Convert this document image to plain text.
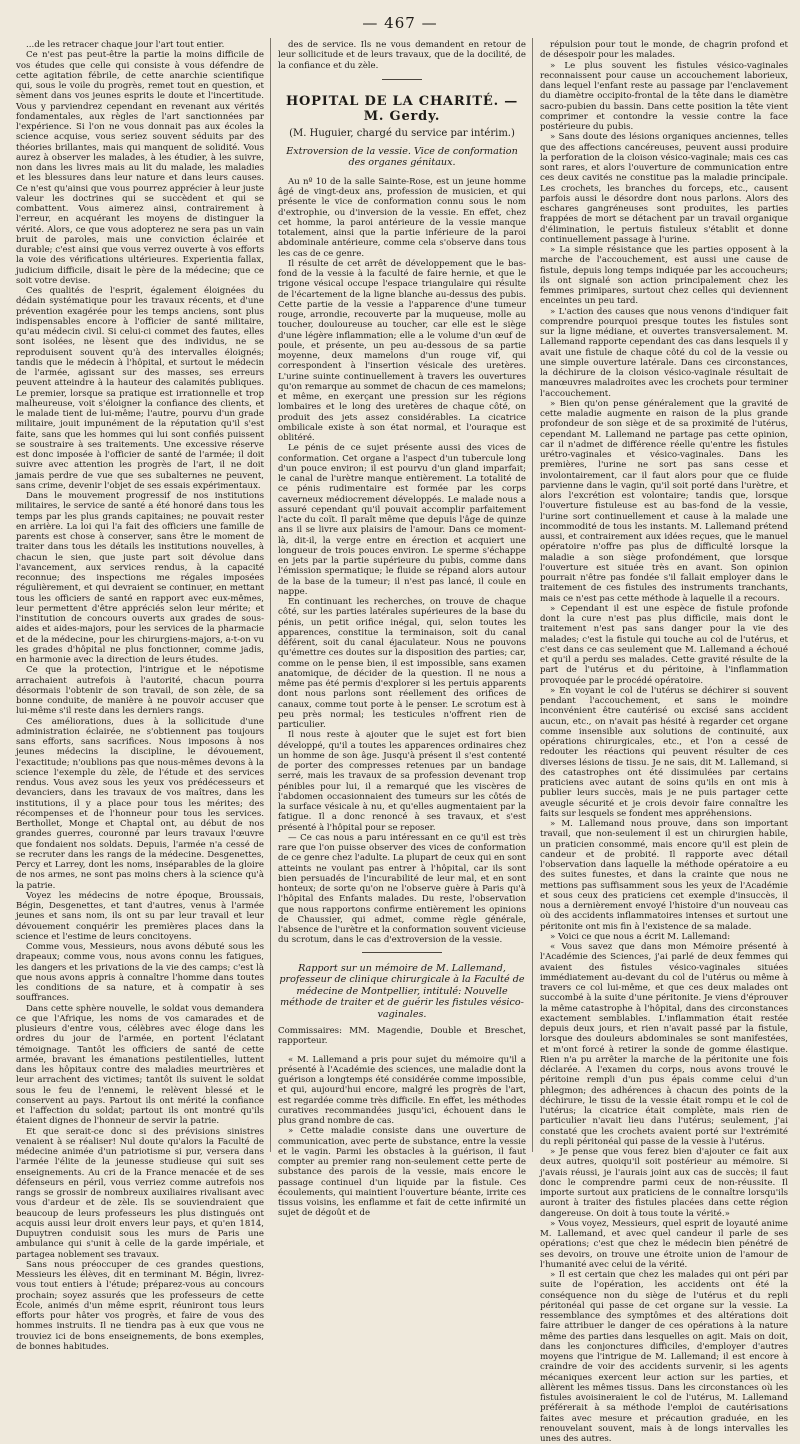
— 467 —

...de les retracer chaque jour l'art tout entier.

Ce n'est pas peut-être la partie la moins difficile de vos études que celle qui consiste à vous défendre de cette agitation fébrile, de cette anarchie scientifique qui, sous le voile du progrès, remet tout en question, et sèment dans vos jeunes esprits le doute et l'incertitude. Vous y parviendrez cependant en revenant aux vérités fondamentales, aux règles de l'art sanctionnées par l'expérience. Si l'on ne vous donnait pas aux écoles la science acquise, vous seriez souvent séduits par des théories brillantes, mais qui manquent de solidité. Vous aurez à observer les malades, à les étudier, à les suivre, non dans les livres mais au lit du malade, les maladies et les blessures dans leur nature et dans leurs causes. Ce n'est qu'ainsi que vous pourrez apprécier à leur juste valeur les doctrines qui se succèdent et qui se combattent. Vous aimerez ainsi, contrairement à l'erreur, en acquérant les moyens de distinguer la vérité. Alors, ce que vous adopterez ne sera pas un vain bruit de paroles, mais une conviction éclairée et durable; c'est ainsi que vous verrez ouverte à vos efforts la voie des vérifications ultérieures. Experientia fallax, judicium difficile, disait le père de la médecine; que ce soit votre devise.

Ces qualités de l'esprit, également éloignées du dédain systématique pour les travaux récents, et d'une prévention exagérée pour les temps anciens, sont plus indispensables encore à l'officier de santé militaire, qu'au médecin civil. Si celui-ci commet des fautes, elles sont isolées, ne lèsent que des individus, ne se reproduisent souvent qu'à des intervalles éloignés; tandis que le médecin à l'hôpital, et surtout le médecin de l'armée, agissant sur des masses, ses erreurs peuvent atteindre à la hauteur des calamités publiques. Le premier, lorsque sa pratique est irrationnelle et trop malheureuse, voit s'éloigner la confiance des clients, et le malade tient de lui-même; l'autre, pourvu d'un grade militaire, jouit impunément de la réputation qu'il s'est faite, sans que les hommes qui lui sont confiés puissent se soustraire à ses traitements. Une excessive réserve est donc imposée à l'officier de santé de l'armée; il doit suivre avec attention les progrès de l'art, il ne doit jamais perdre de vue que ses subalternes ne peuvent, sans crime, devenir l'objet de ses essais expérimentaux.

Dans le mouvement progressif de nos institutions militaires, le service de santé a été honoré dans tous les temps par les plus grands capitaines; ne pouvait rester en arrière. La loi qui l'a fait des officiers une famille de parents est chose à conserver, sans être le moment de traiter dans tous les détails les institutions nouvelles, à chacun le sien, que juste part soit dévolue dans l'avancement, aux services rendus, à la capacité reconnue; des inspections me régales imposées régulièrement, et qui devraient se continuer, en mettant tous les officiers de santé en rapport avec eux-mêmes, leur permettent d'être appréciés selon leur mérite; et l'institution de concours ouverts aux grades de sous-aides et aides-majors, pour les services de la pharmacie et de la médecine, pour les chirurgiens-majors, a-t-on vu les grades d'hôpital ne plus fonctionner, comme jadis, en harmonie avec la direction de leurs études.

Ce que la protection, l'intrigue et le népotisme arrachaient autrefois à l'autorité, chacun pourra désormais l'obtenir de son travail, de son zèle, de sa bonne conduite, de manière à ne pouvoir accuser que lui-même s'il reste dans les derniers rangs.

Ces améliorations, dues à la sollicitude d'une administration éclairée, ne s'obtiennent pas toujours sans efforts, sans sacrifices. Nous imposons à nos jeunes médecins la discipline, le dévouement, l'exactitude; n'oublions pas que nous-mêmes devons à la science l'exemple du zèle, de l'étude et des services rendus. Vous avez sous les yeux vos prédécesseurs et devanciers, dans les travaux de vos maîtres, dans les institutions, il y a place pour tous les mérites; des récompenses et de l'honneur pour tous les services. Berthollet, Monge et Chaptal ont, au début de nos grandes guerres, couronné par leurs travaux l'œuvre que fondaient nos soldats. Depuis, l'armée n'a cessé de se recruter dans les rangs de la médecine. Desgenettes, Percy et Larrey, dont les noms, inséparables de la gloire de nos armes, ne sont pas moins chers à la science qu'à la patrie.

Voyez les médecins de notre époque, Broussais, Bégin, Desgenettes, et tant d'autres, venus à l'armée jeunes et sans nom, ils ont su par leur travail et leur dévouement conquérir les premières places dans la science et l'estime de leurs concitoyens.

Comme vous, Messieurs, nous avons débuté sous les drapeaux; comme vous, nous avons connu les fatigues, les dangers et les privations de la vie des camps; c'est là que nous avons appris à connaître l'homme dans toutes les conditions de sa nature, et à compatir à ses souffrances.

Dans cette sphère nouvelle, le soldat vous demandera ce que l'Afrique, les noms de vos camarades et de plusieurs d'entre vous, célèbres avec éloge dans les ordres du jour de l'armée, en portent l'éclatant témoignage. Tantôt les officiers de santé de cette armée, bravant les émanations pestilentielles, luttent dans les hôpitaux contre des maladies meurtrières et leur arrachent des victimes; tantôt ils suivent le soldat sous le feu de l'ennemi, le relèvent blessé et le conservent au pays. Partout ils ont mérité la confiance et l'affection du soldat; partout ils ont montré qu'ils étaient dignes de l'honneur de servir la patrie.

Et que serait-ce donc si des prévisions sinistres venaient à se réaliser! Nul doute qu'alors la Faculté de médecine animée d'un patriotisme si pur, versera dans l'armée l'élite de la jeunesse studieuse qui suit ses enseignements. Au cri de la France menacée et de ses défenseurs en péril, vous verriez comme autrefois nos rangs se grossir de nombreux auxiliaires rivalisant avec vous d'ardeur et de zèle. Ils se souviendraient que beaucoup de leurs professeurs les plus distingués ont acquis aussi leur droit envers leur pays, et qu'en 1814, Dupuytren conduisit sous les murs de Paris une ambulance qui s'unit à celle de la garde impériale, et partagea noblement ses travaux.

Sans nous préoccuper de ces grandes questions, Messieurs les élèves, dit en terminant M. Bégin, livrez-vous tout entiers à l'étude; préparez-vous au concours prochain; soyez assurés que les professeurs de cette École, animés d'un même esprit, réuniront tous leurs efforts pour hâter vos progrès, et faire de vous des hommes instruits. Il ne tiendra pas à eux que vous ne trouviez ici de bons enseignements, de bons exemples, de bonnes habitudes.

des de service. Ils ne vous demandent en retour de leur sollicitude et de leurs travaux, que de la docilité, de la confiance et du zèle.

HOPITAL DE LA CHARITÉ. — M. Gerdy.

(M. Huguier, chargé du service par intérim.)

Extroversion de la vessie. Vice de conformation des organes génitaux.

Au nº 10 de la salle Sainte-Rose, est un jeune homme âgé de vingt-deux ans, profession de musicien, et qui présente le vice de conformation connu sous le nom d'extrophie, ou d'inversion de la vessie. En effet, chez cet homme, la paroi antérieure de la vessie manque totalement, ainsi que la partie inférieure de la paroi abdominale antérieure, comme cela s'observe dans tous les cas de ce genre.

Il résulte de cet arrêt de développement que le bas-fond de la vessie à la faculté de faire hernie, et que le trigone vésical occupe l'espace triangulaire qui résulte de l'écartement de la ligne blanche au-dessus des pubis. Cette partie de la vessie a l'apparence d'une tumeur rouge, arrondie, recouverte par la muqueuse, molle au toucher, douloureuse au toucher, car elle est le siège d'une légère inflammation; elle a le volume d'un œuf de poule, et présente, un peu au-dessous de sa partie moyenne, deux mamelons d'un rouge vif, qui correspondent à l'insertion vésicale des uretères. L'urine suinte continuellement à travers les ouvertures qu'on remarque au sommet de chacun de ces mamelons; et même, en exerçant une pression sur les régions lombaires et le long des uretères de chaque côté, on produit des jets assez considérables. La cicatrice ombilicale existe à son état normal, et l'ouraque est oblitéré.

Le pénis de ce sujet présente aussi des vices de conformation. Cet organe a l'aspect d'un tubercule long d'un pouce environ; il est pourvu d'un gland imparfait; le canal de l'urètre manque entièrement. La totalité de ce pénis rudimentaire est formée par les corps caverneux médiocrement développés. Le malade nous a assuré cependant qu'il pouvait accomplir parfaitement l'acte du coït. Il paraît même que depuis l'âge de quinze ans il se livre aux plaisirs de l'amour. Dans ce moment-là, dit-il, la verge entre en érection et acquiert une longueur de trois pouces environ. Le sperme s'échappe en jets par la partie supérieure du pubis, comme dans l'émission spermatique; le fluide se répand alors autour de la base de la tumeur; il n'est pas lancé, il coule en nappe.

En continuant les recherches, on trouve de chaque côté, sur les parties latérales supérieures de la base du pénis, un petit orifice inégal, qui, selon toutes les apparences, constitue la terminaison, soit du canal déférent, soit du canal éjaculateur. Nous ne pouvons qu'émettre ces doutes sur la disposition des parties; car, comme on le pense bien, il est impossible, sans examen anatomique, de décider de la question. Il ne nous a même pas été permis d'explorer si les pertuis apparents dont nous parlons sont réellement des orifices de canaux, comme tout porte à le penser. Le scrotum est à peu près normal; les testicules n'offrent rien de particulier.

Il nous reste à ajouter que le sujet est fort bien développé, qu'il a toutes les apparences ordinaires chez un homme de son âge. Jusqu'à présent il s'est contenté de porter des compresses retenues par un bandage serré, mais les travaux de sa profession devenant trop pénibles pour lui, il a remarqué que les viscères de l'abdomen occasionnaient des tumeurs sur les côtés de la surface vésicale à nu, et qu'elles augmentaient par la fatigue. Il a donc renoncé à ses travaux, et s'est présenté à l'hôpital pour se reposer.

— Ce cas nous a paru intéressant en ce qu'il est très rare que l'on puisse observer des vices de conformation de ce genre chez l'adulte. La plupart de ceux qui en sont atteints ne voulant pas entrer à l'hôpital, car ils sont bien persuadés de l'incurabilité de leur mal, et en sont honteux; de sorte qu'on ne l'observe guère à Paris qu'à l'hôpital des Enfants malades. Du reste, l'observation que nous rapportons confirme entièrement les opinions de Chaussier, qui admet, comme règle générale, l'absence de l'urètre et la conformation souvent vicieuse du scrotum, dans le cas d'extroversion de la vessie.

Rapport sur un mémoire de M. Lallemand, professeur de clinique chirurgicale à la Faculté de médecine de Montpellier, intitulé: Nouvelle méthode de traiter et de guérir les fistules vésico-vaginales.

Commissaires: MM. Magendie, Double et Breschet, rapporteur.

« M. Lallemand a pris pour sujet du mémoire qu'il a présenté à l'Académie des sciences, une maladie dont la guérison a longtemps été considérée comme impossible, et qui, aujourd'hui encore, malgré les progrès de l'art, est regardée comme très difficile. En effet, les méthodes curatives recommandées jusqu'ici, échouent dans le plus grand nombre de cas.

» Cette maladie consiste dans une ouverture de communication, avec perte de substance, entre la vessie et le vagin. Parmi les obstacles à la guérison, il faut compter au premier rang non-seulement cette perte de substance des parois de la vessie, mais encore le passage continuel d'un liquide par la fistule. Ces écoulements, qui maintient l'ouverture béante, irrite ces tissus voisins, les enflamme et fait de cette infirmité un sujet de dégoût et de

répulsion pour tout le monde, de chagrin profond et de désespoir pour les malades.

» Le plus souvent les fistules vésico-vaginales reconnaissent pour cause un accouchement laborieux, dans lequel l'enfant reste au passage par l'enclavement du diamètre occipito-frontal de la tête dans le diamètre sacro-pubien du bassin. Dans cette position la tête vient comprimer et contondre la vessie contre la face postérieure du pubis.

» Sans doute des lésions organiques anciennes, telles que des affections cancéreuses, peuvent aussi produire la perforation de la cloison vésico-vaginale; mais ces cas sont rares, et alors l'ouverture de communication entre ces deux cavités ne constitue pas la maladie principale. Les crochets, les branches du forceps, etc., causent parfois aussi le désordre dont nous parlons. Alors des eschares gangréneuses sont produites, les parties frappées de mort se détachent par un travail organique d'élimination, le pertuis fistuleux s'établit et donne continuellement passage à l'urine.

» La simple résistance que les parties opposent à la marche de l'accouchement, est aussi une cause de fistule, depuis long temps indiquée par les accoucheurs; ils ont signalé son action principalement chez les femmes primipares, surtout chez celles qui deviennent enceintes un peu tard.

» L'action des causes que nous venons d'indiquer fait comprendre pourquoi presque toutes les fistules sont sur la ligne médiane, et ouvertes transversalement. M. Lallemand rapporte cependant des cas dans lesquels il y avait une fistule de chaque côté du col de la vessie ou une simple ouverture latérale. Dans ces circonstances, la déchirure de la cloison vésico-vaginale résultait de manœuvres maladroites avec les crochets pour terminer l'accouchement.

» Bien qu'on pense généralement que la gravité de cette maladie augmente en raison de la plus grande profondeur de son siège et de sa proximité de l'utérus, cependant M. Lallemand ne partage pas cette opinion, car il n'admet de différence réelle qu'entre les fistules urétro-vaginales et vésico-vaginales. Dans les premières, l'urine ne sort pas sans cesse et involontairement, car il faut alors pour que ce fluide parvienne dans le vagin, qu'il soit porté dans l'urètre, et alors l'excrétion est volontaire; tandis que, lorsque l'ouverture fistuleuse est au bas-fond de la vessie, l'urine sort continuellement et cause à la malade une incommodité de tous les instants. M. Lallemand prétend aussi, et contrairement aux idées reçues, que le manuel opératoire n'offre pas plus de difficulté lorsque la maladie a son siège profondément, que lorsque l'ouverture est située très en avant. Son opinion pourrait n'être pas fondée s'il fallait employer dans le traitement de ces fistules des instruments tranchants, mais ce n'est pas cette méthode à laquelle il a recours.

» Cependant il est une espèce de fistule profonde dont la cure n'est pas plus difficile, mais dont le traitement n'est pas sans danger pour la vie des malades; c'est la fistule qui touche au col de l'utérus, et c'est dans ce cas seulement que M. Lallemand a échoué et qu'il a perdu ses malades. Cette gravité résulte de la part de l'utérus et du péritoine, à l'inflammation provoquée par le procédé opératoire.

» En voyant le col de l'utérus se déchirer si souvent pendant l'accouchement, et sans le moindre inconvénient être cautérisé ou excisé sans accident aucun, etc., on n'avait pas hésité à regarder cet organe comme insensible aux solutions de continuité, aux opérations chirurgicales, etc., et l'on a cessé de redouter les réactions qui peuvent résulter de ces diverses lésions de tissu. Je ne sais, dit M. Lallemand, si des catastrophes ont été dissimulées par certains praticiens avec autant de soins qu'ils en ont mis à publier leurs succès, mais je ne puis partager cette aveugle sécurité et je crois devoir faire connaître les faits sur lesquels se fondent mes appréhensions.

» M. Lallemand nous prouve, dans son important travail, que non-seulement il est un chirurgien habile, un praticien consommé, mais encore qu'il est plein de candeur et de probité. Il rapporte avec détail l'observation dans laquelle la méthode opératoire a eu des suites funestes, et dans la crainte que nous ne mettions pas suffisamment sous les yeux de l'Académie et sous ceux des praticiens cet exemple d'insuccès, il nous a dernièrement envoyé l'histoire d'un nouveau cas où des accidents inflammatoires intenses et surtout une péritonite ont mis fin à l'existence de sa malade.

» Voici ce que nous a écrit M. Lallemand:

« Vous savez que dans mon Mémoire présenté à l'Académie des Sciences, j'ai parlé de deux femmes qui avaient des fistules vésico-vaginales situées immédiatement au-devant du col de l'utérus ou même à travers ce col lui-même, et que ces deux malades ont succombé à la suite d'une péritonite. Je viens d'éprouver la même catastrophe à l'hôpital, dans des circonstances exactement semblables. L'inflammation était restée depuis deux jours, et rien n'avait passé par la fistule, lorsque des douleurs abdominales se sont manifestées, et m'ont forcé à retirer la sonde de gomme élastique. Rien n'a pu arrêter la marche de la péritonite une fois déclarée. A l'examen du corps, nous avons trouvé le péritoine rempli d'un pus épais comme celui d'un phlegmon; des adhérences à chacun des points de la déchirure, le tissu de la vessie était rompu et le col de l'utérus; la cicatrice était complète, mais rien de particulier n'avait lieu dans l'utérus; seulement, j'ai constaté que les crochets avaient porté sur l'extrémité du repli péritonéal qui passe de la vessie à l'utérus.

» Je pense que vous ferez bien d'ajouter ce fait aux deux autres, quoiqu'il soit postérieur au mémoire. Si j'avais réussi, je l'aurais joint aux cas de succès; il faut donc le comprendre parmi ceux de non-réussite. Il importe surtout aux praticiens de le connaître lorsqu'ils auront à traiter des fistules placées dans cette région dangereuse. On doit à tous toute la vérité.»

» Vous voyez, Messieurs, quel esprit de loyauté anime M. Lallemand, et avec quel candeur il parle de ses opérations; c'est que chez le médecin bien pénétré de ses devoirs, on trouve une étroite union de l'amour de l'humanité avec celui de la vérité.

» Il est certain que chez les malades qui ont péri par suite de l'opération, les accidents ont été la conséquence non du siège de l'utérus et du repli péritonéal qui passe de cet organe sur la vessie. La ressemblance des symptômes et des altérations doit faire attribuer le danger de ces opérations à la nature même des parties dans lesquelles on agit. Mais on doit, dans les conjonctures difficiles, d'employer d'autres moyens que l'intrigue de M. Lallemand; il est encore à craindre de voir des accidents survenir, si les agents mécaniques exercent leur action sur les parties, et allèrent les mêmes tissus. Dans les circonstances où les fistules avoisineraient le col de l'utérus, M. Lallemand préférerait à sa méthode l'emploi de cautérisations faites avec mesure et précaution graduée, en les renouvelant souvent, mais à de longs intervalles les unes des autres.
